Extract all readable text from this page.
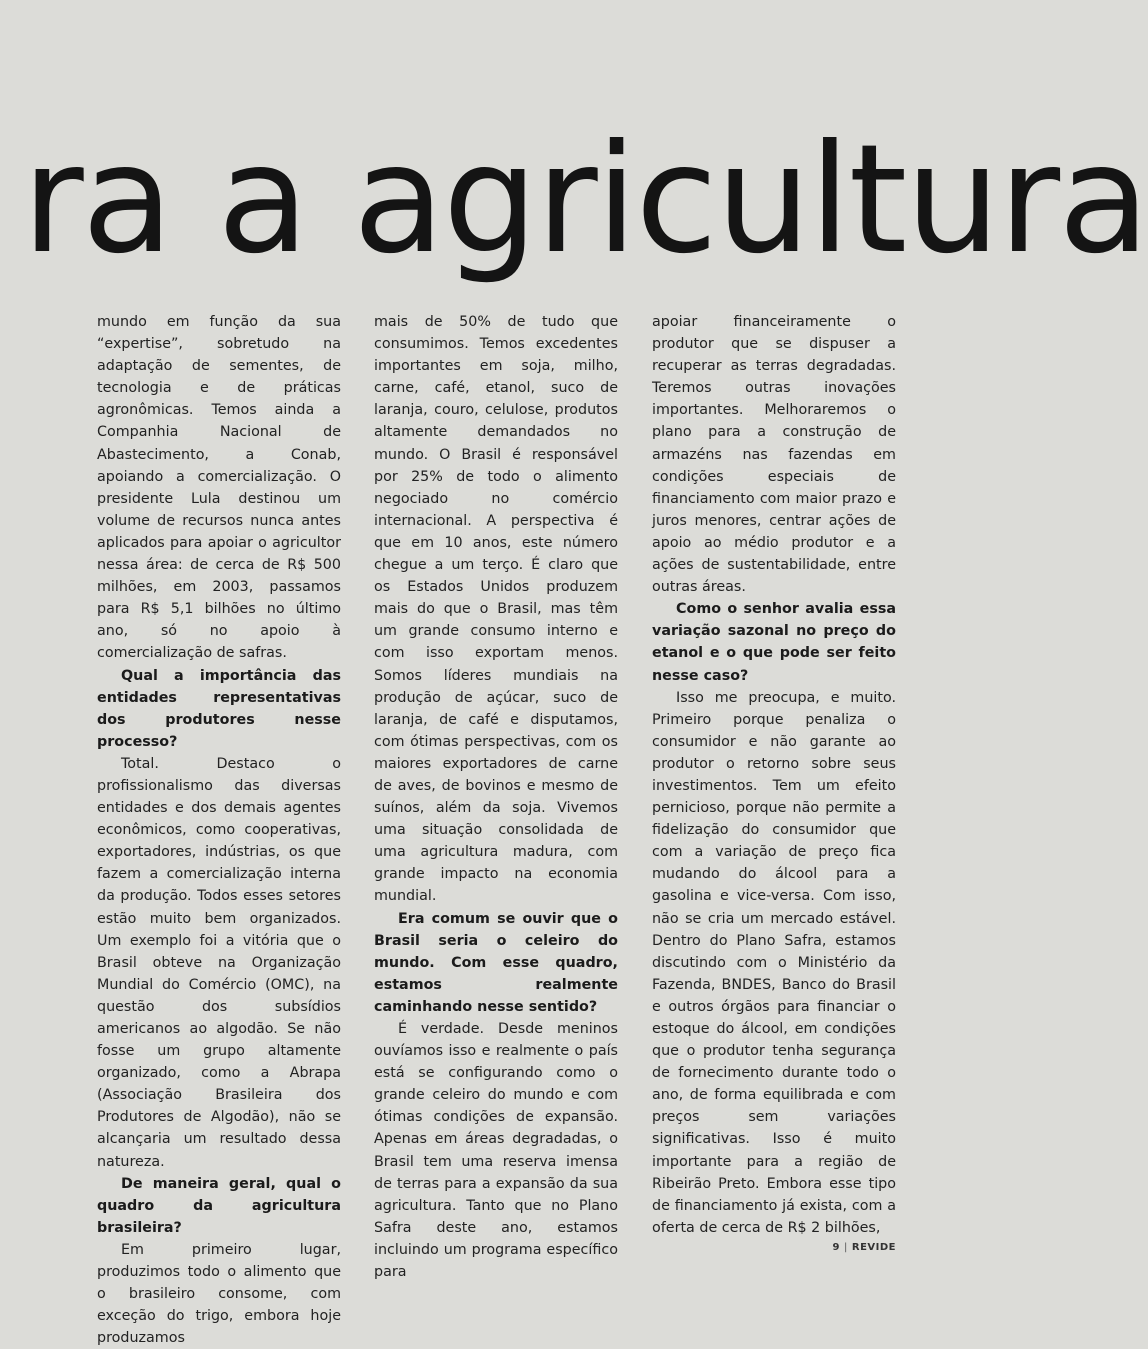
ra a agricultura

mundo em função da sua “expertise”, sobretudo na adaptação de sementes, de tecnologia e de práticas agronômicas. Temos ainda a Companhia Nacional de Abastecimento, a Conab, apoiando a comercialização. O presidente Lula destinou um volume de recursos nunca antes aplicados para apoiar o agricultor nessa área: de cerca de R$ 500 milhões, em 2003, passamos para R$ 5,1 bilhões no último ano, só no apoio à comercialização de safras.

Qual a importância das entidades representativas dos produtores nesse processo?

Total. Destaco o profissionalismo das diversas entidades e dos demais agentes econômicos, como cooperativas, exportadores, indústrias, os que fazem a comercialização interna da produção. Todos esses setores estão muito bem organizados. Um exemplo foi a vitória que o Brasil obteve na Organização Mundial do Comércio (OMC), na questão dos subsídios americanos ao algodão. Se não fosse um grupo altamente organizado, como a Abrapa (Associação Brasileira dos Produtores de Algodão), não se alcançaria um resultado dessa natureza.

De maneira geral, qual o quadro da agricultura brasileira?

Em primeiro lugar, produzimos todo o alimento que o brasileiro consome, com exceção do trigo, embora hoje produzamos

mais de 50% de tudo que consumimos. Temos excedentes importantes em soja, milho, carne, café, etanol, suco de laranja, couro, celulose, produtos altamente demandados no mundo. O Brasil é responsável por 25% de todo o alimento negociado no comércio internacional. A perspectiva é que em 10 anos, este número chegue a um terço. É claro que os Estados Unidos produzem mais do que o Brasil, mas têm um grande consumo interno e com isso exportam menos. Somos líderes mundiais na produção de açúcar, suco de laranja, de café e disputamos, com ótimas perspectivas, com os maiores exportadores de carne de aves, de bovinos e mesmo de suínos, além da soja. Vivemos uma situação consolidada de uma agricultura madura, com grande impacto na economia mundial.

Era comum se ouvir que o Brasil seria o celeiro do mundo. Com esse quadro, estamos realmente caminhando nesse sentido?

É verdade. Desde meninos ouvíamos isso e realmente o país está se configurando como o grande celeiro do mundo e com ótimas condições de expansão. Apenas em áreas degradadas, o Brasil tem uma reserva imensa de terras para a expansão da sua agricultura. Tanto que no Plano Safra deste ano, estamos incluindo um programa específico para

apoiar financeiramente o produtor que se dispuser a recuperar as terras degradadas. Teremos outras inovações importantes. Melhoraremos o plano para a construção de armazéns nas fazendas em condições especiais de financiamento com maior prazo e juros menores, centrar ações de apoio ao médio produtor e a ações de sustentabilidade, entre outras áreas.

Como o senhor avalia essa variação sazonal no preço do etanol e o que pode ser feito nesse caso?

Isso me preocupa, e muito. Primeiro porque penaliza o consumidor e não garante ao produtor o retorno sobre seus investimentos. Tem um efeito pernicioso, porque não permite a fidelização do consumidor que com a variação de preço fica mudando do álcool para a gasolina e vice-versa. Com isso, não se cria um mercado estável. Dentro do Plano Safra, estamos discutindo com o Ministério da Fazenda, BNDES, Banco do Brasil e outros órgãos para financiar o estoque do álcool, em condições que o produtor tenha segurança de fornecimento durante todo o ano, de forma equilibrada e com preços sem variações significativas. Isso é muito importante para a região de Ribeirão Preto. Embora esse tipo de financiamento já exista, com a oferta de cerca de R$ 2 bilhões,

9 | REVIDE
